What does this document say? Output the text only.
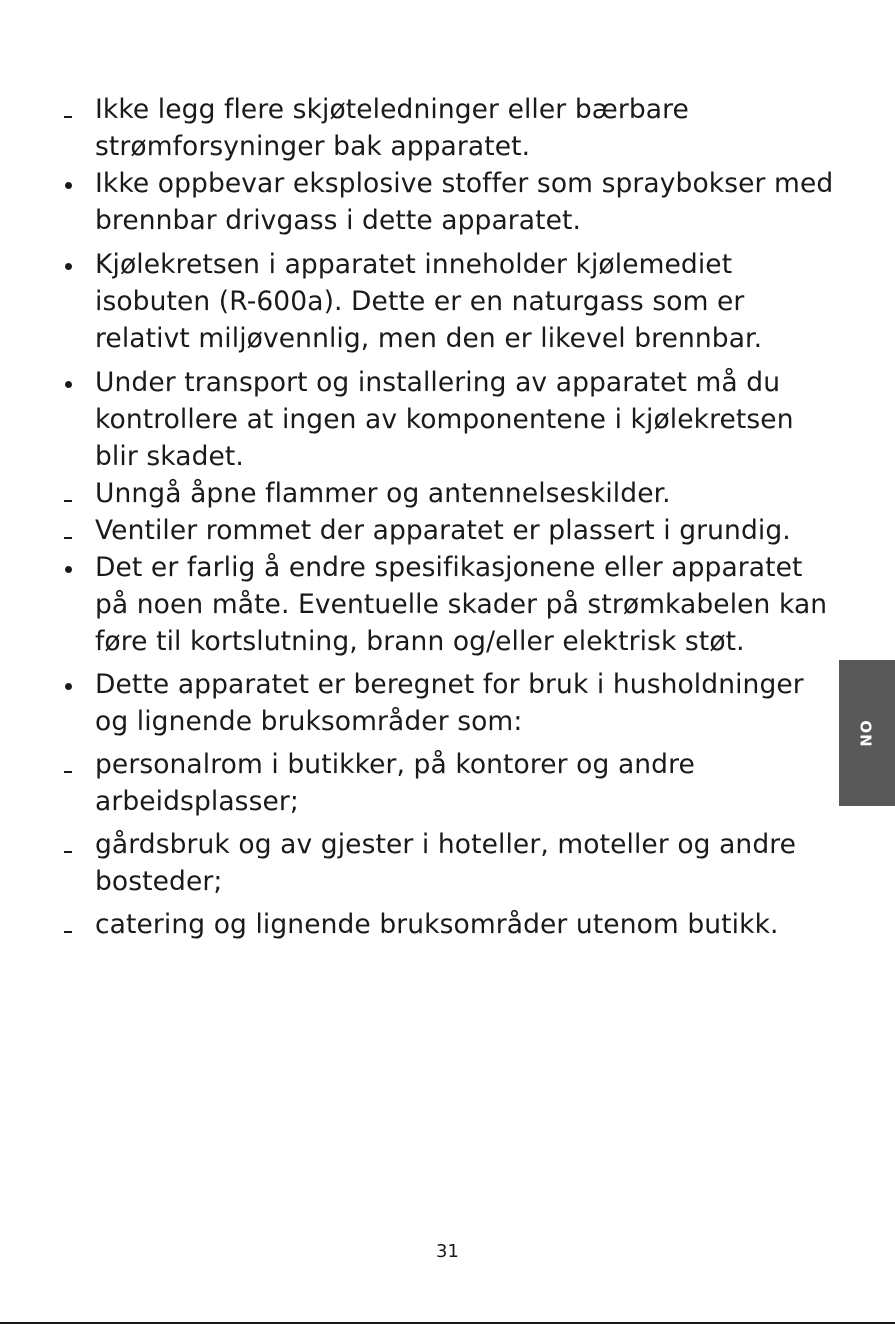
Ikke legg flere skjøteledninger eller bærbare strømforsyninger bak apparatet.
Ikke oppbevar eksplosive stoffer som spraybokser med brennbar drivgass i dette apparatet.
Kjølekretsen i apparatet inneholder kjølemediet isobuten (R-600a). Dette er en naturgass som er relativt miljøvennlig, men den er likevel brennbar.
Under transport og installering av apparatet må du kontrollere at ingen av komponentene i kjølekretsen blir skadet.
Unngå åpne flammer og antennelseskilder.
Ventiler rommet der apparatet er plassert i grundig.
Det er farlig å endre spesifikasjonene eller apparatet på noen måte. Eventuelle skader på strømkabelen kan føre til kortslutning, brann og/eller elektrisk støt.
Dette apparatet er beregnet for bruk i husholdninger og lignende bruksområder som:
personalrom i butikker, på kontorer og andre arbeidsplasser;
gårdsbruk og av gjester i hoteller, moteller og andre bosteder;
catering og lignende bruksområder utenom butikk.
NO
31
